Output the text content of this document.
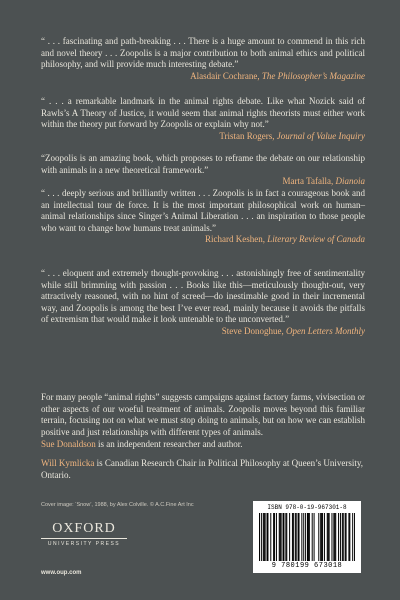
“ . . . fascinating and path-breaking . . . There is a huge amount to commend in this rich and novel theory . . . Zoopolis is a major contribution to both animal ethics and political philosophy, and will provide much interesting debate.”

Alasdair Cochrane, The Philosopher’s Magazine

“ . . . a remarkable landmark in the animal rights debate. Like what Nozick said of Rawls’s A Theory of Justice, it would seem that animal rights theorists must either work within the theory put forward by Zoopolis or explain why not.”

Tristan Rogers, Journal of Value Inquiry

“Zoopolis is an amazing book, which proposes to reframe the debate on our relationship with animals in a new theoretical framework.”

Marta Tafalla, Dianoia

“ . . . deeply serious and brilliantly written . . . Zoopolis is in fact a courageous book and an intellectual tour de force. It is the most important philosophical work on human–animal relationships since Singer’s Animal Liberation . . . an inspiration to those people who want to change how humans treat animals.”

Richard Keshen, Literary Review of Canada

“ . . . eloquent and extremely thought-provoking . . . astonishingly free of sentimentality while still brimming with passion . . . Books like this—meticulously thought-out, very attractively reasoned, with no hint of screed—do inestimable good in their incremental way, and Zoopolis is among the best I’ve ever read, mainly because it avoids the pitfalls of extremism that would make it look untenable to the unconverted.”

Steve Donoghue, Open Letters Monthly

For many people “animal rights” suggests campaigns against factory farms, vivisection or other aspects of our woeful treatment of animals. Zoopolis moves beyond this familiar terrain, focusing not on what we must stop doing to animals, but on how we can establish positive and just relationships with different types of animals.

Sue Donaldson is an independent researcher and author.
Will Kymlicka is Canadian Research Chair in Political Philosophy at Queen’s University, Ontario.
Cover image: ‘Snow’, 1988, by Alex Colville. © A.C.Fine Art Inc
OXFORD
UNIVERSITY PRESS
www.oup.com
ISBN 978-0-19-967301-8
9 780199 673018
